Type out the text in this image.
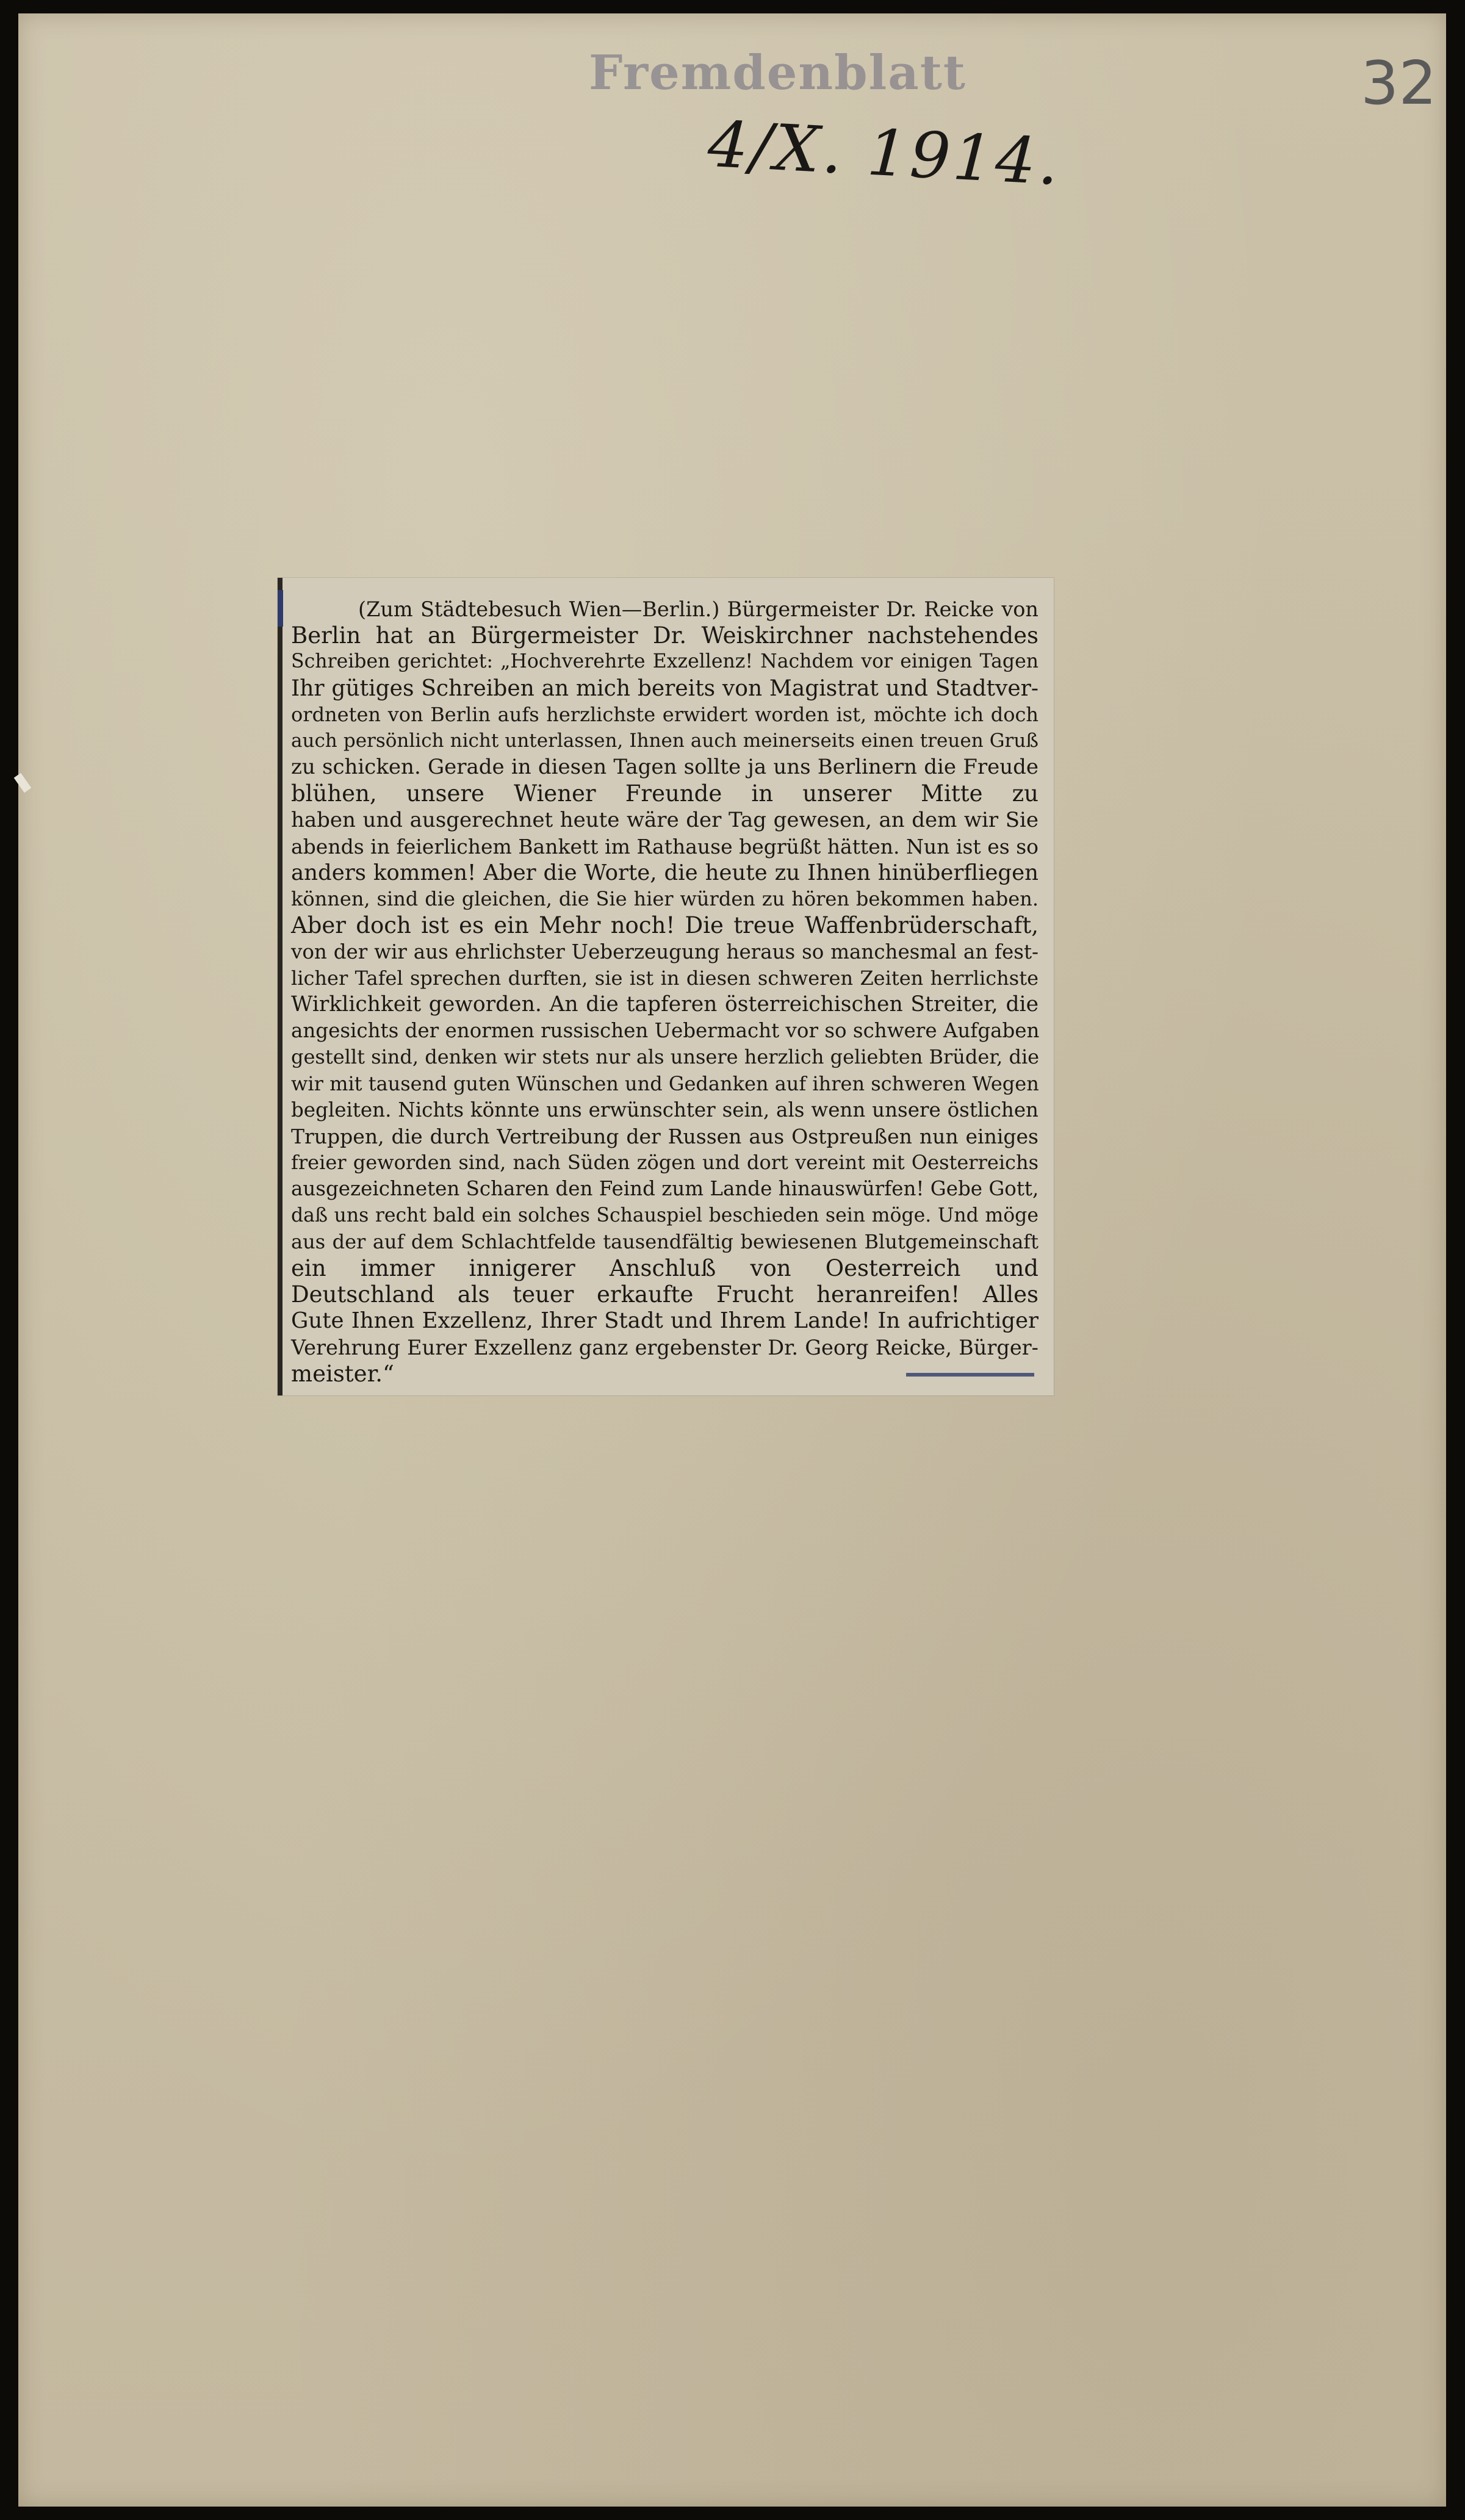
Fremdenblatt
4/X. 1914.
32
(Zum Städtebesuch Wien—Berlin.) Bürgermeister Dr. Reicke von
Berlin hat an Bürgermeister Dr. Weiskirchner nachstehendes
Schreiben gerichtet: „Hochverehrte Exzellenz! Nachdem vor einigen Tagen
Ihr gütiges Schreiben an mich bereits von Magistrat und Stadtver-
ordneten von Berlin aufs herzlichste erwidert worden ist, möchte ich doch
auch persönlich nicht unterlassen, Ihnen auch meinerseits einen treuen Gruß
zu schicken. Gerade in diesen Tagen sollte ja uns Berlinern die Freude
blühen, unsere Wiener Freunde in unserer Mitte zu
haben und ausgerechnet heute wäre der Tag gewesen, an dem wir Sie
abends in feierlichem Bankett im Rathause begrüßt hätten. Nun ist es so
anders kommen! Aber die Worte, die heute zu Ihnen hinüberfliegen
können, sind die gleichen, die Sie hier würden zu hören bekommen haben.
Aber doch ist es ein Mehr noch! Die treue Waffenbrüderschaft,
von der wir aus ehrlichster Ueberzeugung heraus so manchesmal an fest-
licher Tafel sprechen durften, sie ist in diesen schweren Zeiten herrlichste
Wirklichkeit geworden. An die tapferen österreichischen Streiter, die
angesichts der enormen russischen Uebermacht vor so schwere Aufgaben
gestellt sind, denken wir stets nur als unsere herzlich geliebten Brüder, die
wir mit tausend guten Wünschen und Gedanken auf ihren schweren Wegen
begleiten. Nichts könnte uns erwünschter sein, als wenn unsere östlichen
Truppen, die durch Vertreibung der Russen aus Ostpreußen nun einiges
freier geworden sind, nach Süden zögen und dort vereint mit Oesterreichs
ausgezeichneten Scharen den Feind zum Lande hinauswürfen! Gebe Gott,
daß uns recht bald ein solches Schauspiel beschieden sein möge. Und möge
aus der auf dem Schlachtfelde tausendfältig bewiesenen Blutgemeinschaft
ein immer innigerer Anschluß von Oesterreich und
Deutschland als teuer erkaufte Frucht heranreifen! Alles
Gute Ihnen Exzellenz, Ihrer Stadt und Ihrem Lande! In aufrichtiger
Verehrung Eurer Exzellenz ganz ergebenster Dr. Georg Reicke, Bürger-
meister.“
